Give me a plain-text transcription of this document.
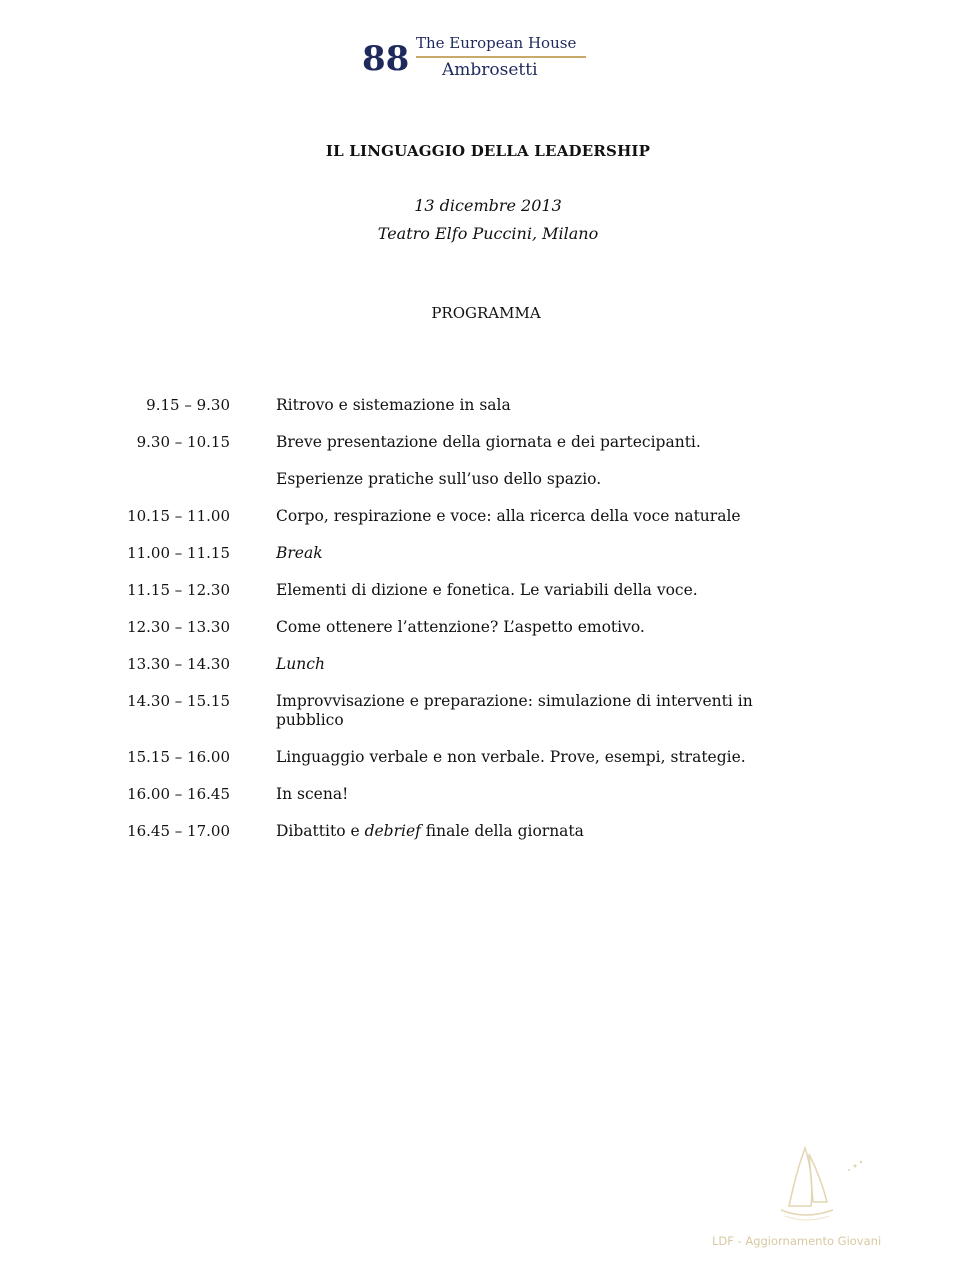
88 The European House
Ambrosetti
IL LINGUAGGIO DELLA LEADERSHIP
13 dicembre 2013
Teatro Elfo Puccini, Milano
PROGRAMMA
9.15 – 9.30	Ritrovo e sistemazione in sala
9.30 – 10.15	Breve presentazione della giornata e dei partecipanti.
Esperienze pratiche sull’uso dello spazio.
10.15 – 11.00	Corpo, respirazione e voce: alla ricerca della voce naturale
11.00 – 11.15	Break
11.15 – 12.30	Elementi di dizione e fonetica. Le variabili della voce.
12.30 – 13.30	Come ottenere l’attenzione? L’aspetto emotivo.
13.30 – 14.30	Lunch
14.30 – 15.15	Improvvisazione e preparazione: simulazione di interventi in pubblico
15.15 – 16.00	Linguaggio verbale e non verbale. Prove, esempi, strategie.
16.00 – 16.45	In scena!
16.45 – 17.00	Dibattito e debrief finale della giornata
LDF - Aggiornamento Giovani
